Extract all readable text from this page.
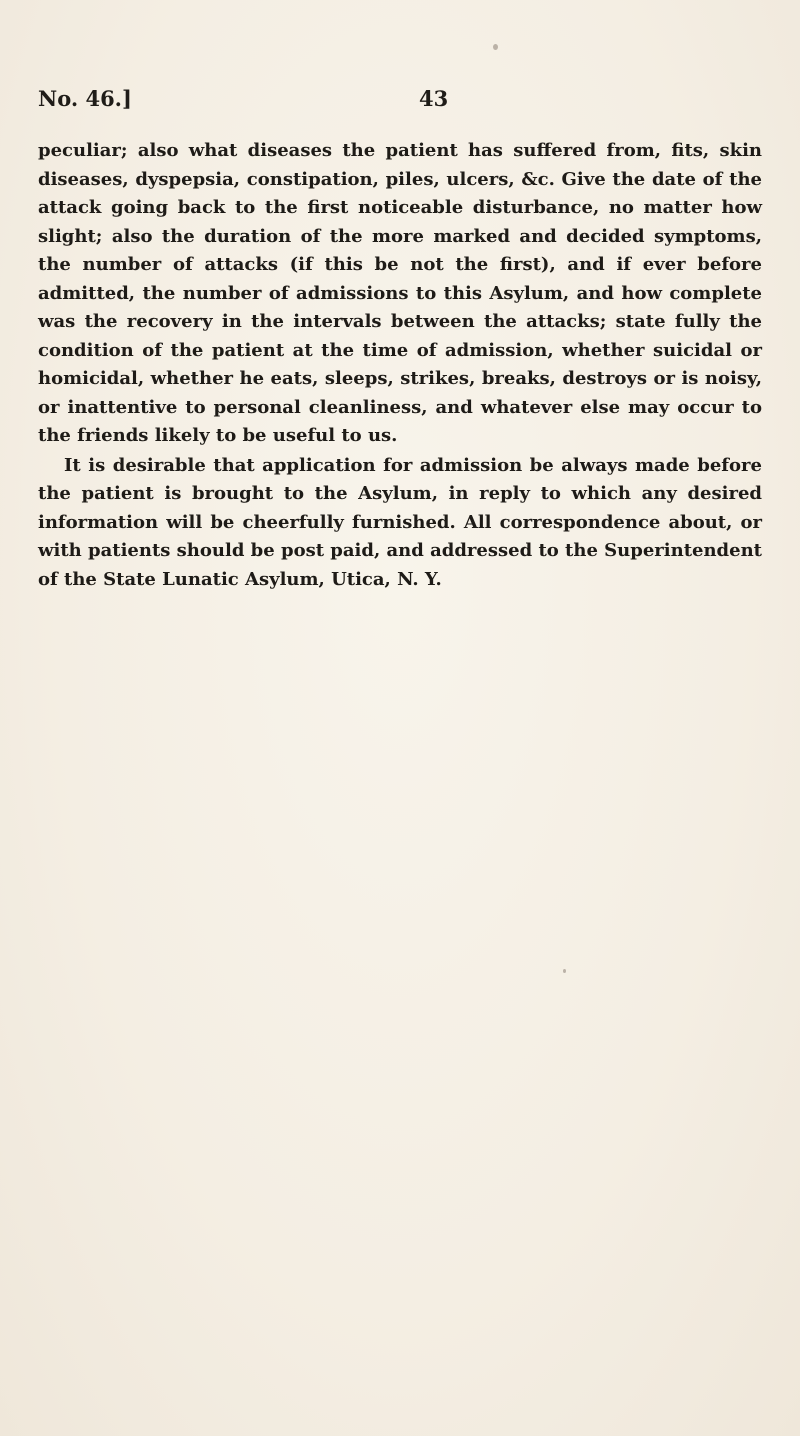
No. 46.]	43

peculiar; also what diseases the patient has suffered from, fits, skin diseases, dyspepsia, constipation, piles, ulcers, &c. Give the date of the attack going back to the first noticeable disturbance, no matter how slight; also the duration of the more marked and decided symptoms, the number of attacks (if this be not the first), and if ever before admitted, the number of admissions to this Asylum, and how complete was the recovery in the intervals between the attacks; state fully the condition of the patient at the time of admission, whether suicidal or homicidal, whether he eats, sleeps, strikes, breaks, destroys or is noisy, or inattentive to personal cleanliness, and whatever else may occur to the friends likely to be useful to us.

It is desirable that application for admission be always made before the patient is brought to the Asylum, in reply to which any desired information will be cheerfully furnished. All correspondence about, or with patients should be post paid, and addressed to the Superintendent of the State Lunatic Asylum, Utica, N. Y.
